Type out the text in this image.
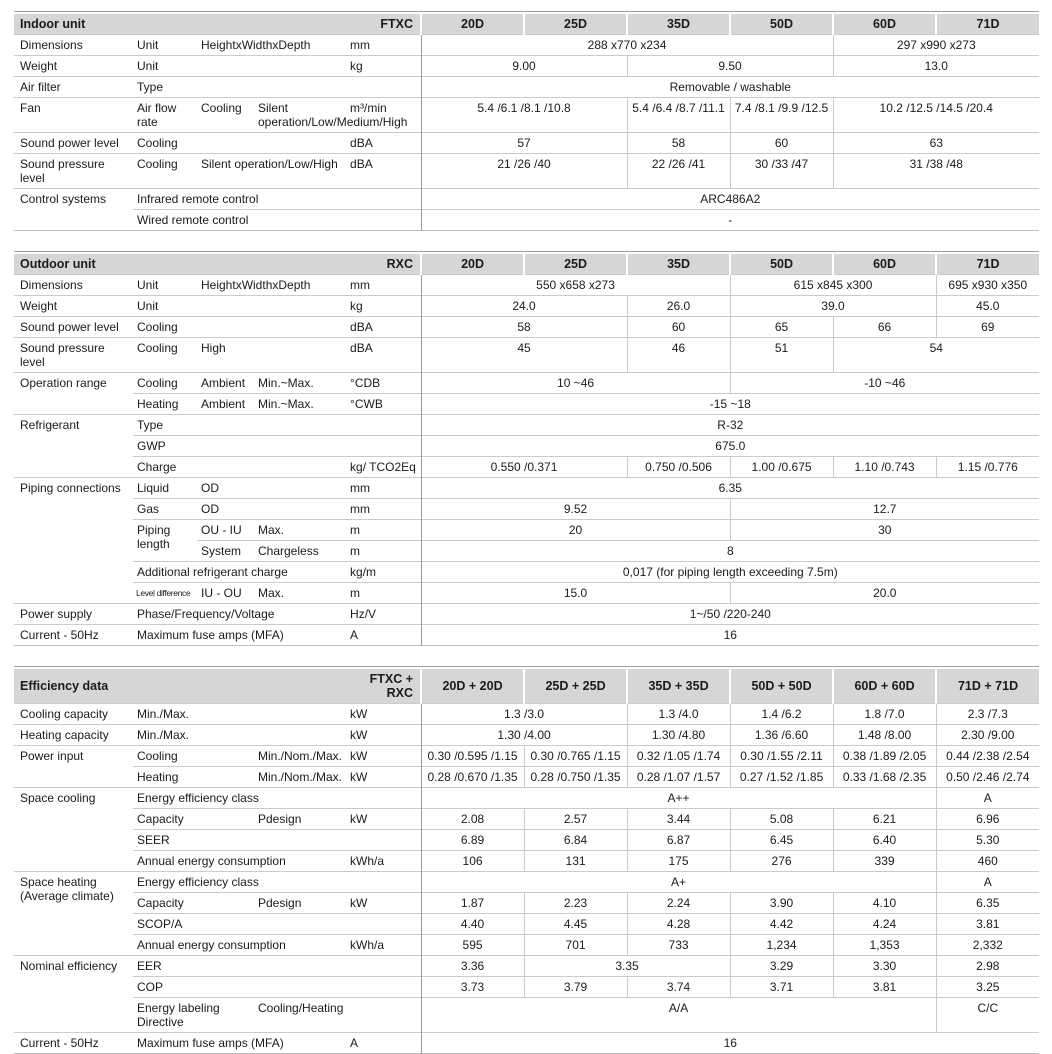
Indoor unit				FTXC	20D	25D	35D	50D	60D	71D
Dimensions	Unit	HeightxWidthxDepth		mm	288 x770 x234				297 x990 x273	
Weight	Unit			kg	9.00		9.50		13.0	
Air filter	Type				Removable / washable					
Fan	Air flow rate	Cooling	Silent operation/Low/Medium/High	m³/min	5.4 /6.1 /8.1 /10.8		5.4 /6.4 /8.7 /11.1	7.4 /8.1 /9.9 /12.5	10.2 /12.5 /14.5 /20.4	
Sound power level	Cooling			dBA	57		58	60	63	
Sound pressure level	Cooling	Silent operation/Low/High		dBA	21 /26 /40		22 /26 /41	30 /33 /47	31 /38 /48	
Control systems	Infrared remote control				ARC486A2					
	Wired remote control				-					
Outdoor unit				RXC	20D	25D	35D	50D	60D	71D
Dimensions	Unit	HeightxWidthxDepth		mm	550 x658 x273			615 x845 x300		695 x930 x350
Weight	Unit			kg	24.0		26.0	39.0		45.0
Sound power level	Cooling			dBA	58		60	65	66	69
Sound pressure level	Cooling	High		dBA	45		46	51	54	
Operation range	Cooling	Ambient	Min.~Max.	°CDB	10 ~46			-10 ~46		
	Heating	Ambient	Min.~Max.	°CWB	-15 ~18					
Refrigerant	Type				R-32					
	GWP				675.0					
	Charge			kg/ TCO2Eq	0.550 /0.371		0.750 /0.506	1.00 /0.675	1.10 /0.743	1.15 /0.776
Piping connections	Liquid	OD		mm	6.35					
	Gas	OD		mm	9.52			12.7		
	Piping length	OU - IU	Max.	m	20			30		
		System	Chargeless	m	8					
	Additional refrigerant charge			kg/m	0,017 (for piping length exceeding 7.5m)					
	Level difference	IU - OU	Max.	m	15.0			20.0		
Power supply	Phase/Frequency/Voltage			Hz/V	1~/50 /220-240					
Current - 50Hz	Maximum fuse amps (MFA)			A	16					
Efficiency data			FTXC + RXC	20D + 20D	25D + 25D	35D + 35D	50D + 50D	60D + 60D	71D + 71D
Cooling capacity	Min./Max.		kW	1.3 /3.0		1.3 /4.0	1.4 /6.2	1.8 /7.0	2.3 /7.3
Heating capacity	Min./Max.		kW	1.30 /4.00		1.30 /4.80	1.36 /6.60	1.48 /8.00	2.30 /9.00
Power input	Cooling	Min./Nom./Max.	kW	0.30 /0.595 /1.15	0.30 /0.765 /1.15	0.32 /1.05 /1.74	0.30 /1.55 /2.11	0.38 /1.89 /2.05	0.44 /2.38 /2.54
	Heating	Min./Nom./Max.	kW	0.28 /0.670 /1.35	0.28 /0.750 /1.35	0.28 /1.07 /1.57	0.27 /1.52 /1.85	0.33 /1.68 /2.35	0.50 /2.46 /2.74
Space cooling	Energy efficiency class			A++					A
	Capacity	Pdesign	kW	2.08	2.57	3.44	5.08	6.21	6.96
	SEER			6.89	6.84	6.87	6.45	6.40	5.30
	Annual energy consumption		kWh/a	106	131	175	276	339	460
Space heating (Average climate)	Energy efficiency class			A+					A
	Capacity	Pdesign	kW	1.87	2.23	2.24	3.90	4.10	6.35
	SCOP/A			4.40	4.45	4.28	4.42	4.24	3.81
	Annual energy consumption		kWh/a	595	701	733	1,234	1,353	2,332
Nominal efficiency	EER			3.36	3.35		3.29	3.30	2.98
	COP			3.73	3.79	3.74	3.71	3.81	3.25
	Energy labeling Directive	Cooling/Heating		A/A					C/C
Current - 50Hz	Maximum fuse amps (MFA)		A	16					
